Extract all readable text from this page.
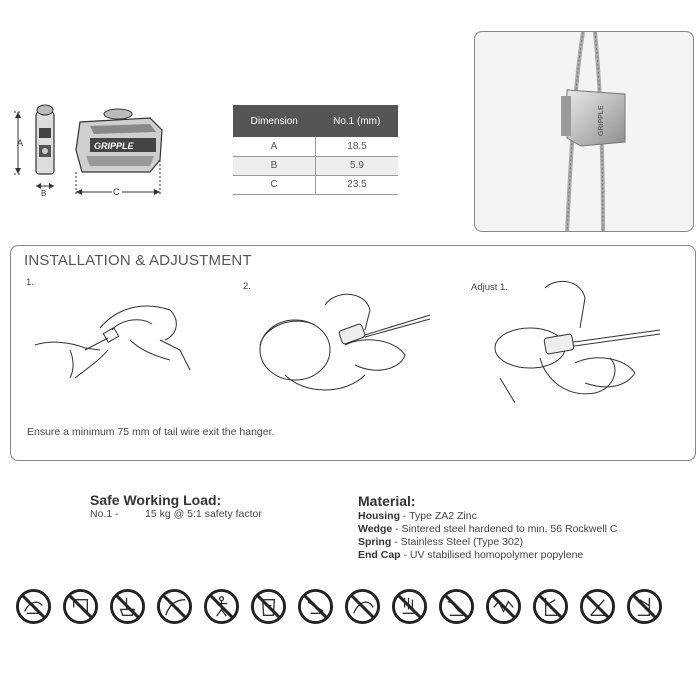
A
B
GRIPPLE
C
Dimension	No.1 (mm)
A	18.5
B	5.9
C	23.5
GRIPPLE
INSTALLATION & ADJUSTMENT
1.	2.	Adjust 1.
Ensure a minimum 75 mm of tail wire exit the hanger.
Safe Working Load:
No.1 -	15 kg @ 5:1 safety factor
Material:
Housing - Type ZA2 Zinc
Wedge - Sintered steel hardened to min. 56 Rockwell C
Spring - Stainless Steel (Type 302)
End Cap - UV stabilised homopolymer popylene
